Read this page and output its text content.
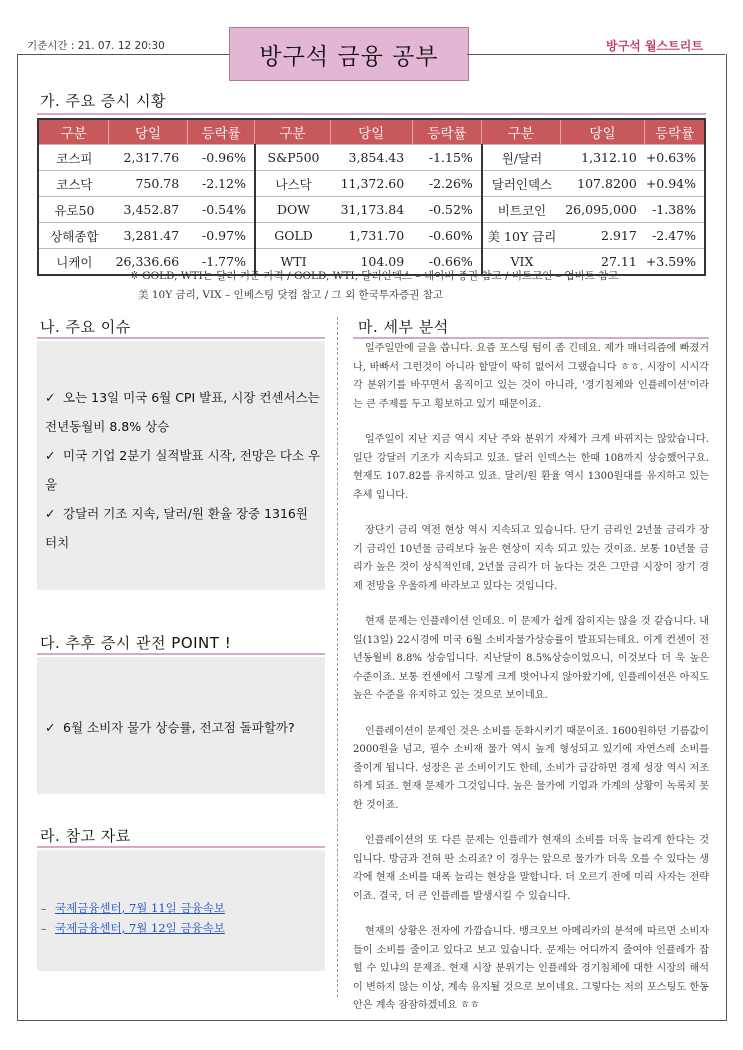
기준시간 : 21. 07. 12 20:30	방구석 금융 공부	방구석 월스트리트
가. 주요 증시 시황
구분	당일	등락률	구분	당일	등락률	구분	당일	등락률
코스피	2,317.76	-0.96%	S&P500	3,854.43	-1.15%	원/달러	1,312.10	+0.63%
코스닥	750.78	-2.12%	나스닥	11,372.60	-2.26%	달러인덱스	107.8200	+0.94%
유로50	3,452.87	-0.54%	DOW	31,173.84	-0.52%	비트코인	26,095,000	-1.38%
상해종합	3,281.47	-0.97%	GOLD	1,731.70	-0.60%	美 10Y 금리	2.917	-2.47%
니케이	26,336.66	-1.77%	WTI	104.09	-0.66%	VIX	27.11	+3.59%
※ GOLD, WTI는 달러 기준 가격 / GOLD, WTI, 달러인덱스 – 네이버 증권 참고 / 비트코인 – 업비트 참고
美 10Y 금리, VIX – 인베스팅 닷컴 참고 / 그 외 한국투자증권 참고
나. 주요 이슈
✓ 오는 13일 미국 6월 CPI 발표, 시장 컨센서스는 전년동월비 8.8% 상승
✓ 미국 기업 2분기 실적발표 시작, 전망은 다소 우울
✓ 강달러 기조 지속, 달러/원 환율 장중 1316원 터치
다. 추후 증시 관전 POINT !
✓ 6월 소비자 물가 상승률, 전고점 돌파할까?
라. 참고 자료
– 국제금융센터, 7월 11일 금융속보
– 국제금융센터, 7월 12일 금융속보
마. 세부 분석

일주일만에 글을 씁니다. 요즘 포스팅 텀이 좀 긴데요. 제가 매너리즘에 빠졌거나, 바빠서 그런것이 아니라 할말이 딱히 없어서 그랬습니다 ㅎㅎ. 시장이 시시각각 분위기를 바꾸면서 움직이고 있는 것이 아니라, '경기침체와 인플레이션'이라는 큰 주제를 두고 횡보하고 있기 때문이죠.

일주일이 지난 지금 역시 지난 주와 분위기 자체가 크게 바뀌지는 않았습니다. 일단 강달러 기조가 지속되고 있죠. 달러 인덱스는 한때 108까지 상승했어구요. 현재도 107.82를 유지하고 있죠. 달러/원 환율 역시 1300원대를 유지하고 있는 추세 입니다.

장단기 금리 역전 현상 역시 지속되고 있습니다. 단기 금리인 2년물 금리가 장기 금리인 10년물 금리보다 높은 현상이 지속 되고 있는 것이죠. 보통 10년물 금리가 높은 것이 상식적인데, 2년물 금리가 더 높다는 것은 그만큼 시장이 장기 경제 전망을 우울하게 바라보고 있다는 것입니다.

현재 문제는 인플레이션 인데요. 이 문제가 쉽게 잡히지는 않을 것 같습니다. 내일(13일) 22시경에 미국 6월 소비자물가상승률이 발표되는데요. 이게 컨센이 전년동월비 8.8% 상승입니다. 지난달이 8.5%상승이었으니, 이것보다 더 욱 높은 수준이죠. 보통 컨센에서 그렇게 크게 벗어나지 않아왔기에, 인플레이션은 아직도 높은 수준을 유지하고 있는 것으로 보이네요.

인플레이션이 문제인 것은 소비를 둔화시키기 때문이죠. 1600원하던 기름값이 2000원을 넘고, 필수 소비재 물가 역시 높게 형성되고 있기에 자연스레 소비를 줄이게 됩니다. 성장은 곧 소비이기도 한데, 소비가 급감하면 경제 성장 역시 저조하게 되죠. 현재 문제가 그것입니다. 높은 물가에 기업과 가계의 상황이 녹록치 못한 것이죠.

인플레이션의 또 다른 문제는 인플레가 현재의 소비를 더욱 늘리게 한다는 것입니다. 방금과 전혀 딴 소리죠? 이 경우는 앞으로 물가가 더욱 오를 수 있다는 생각에 현재 소비를 대폭 늘리는 현상을 말합니다. 더 오르기 전에 미리 사자는 전략이죠. 결국, 더 큰 인플레를 발생시킬 수 있습니다.

현재의 상황은 전자에 가깝습니다. 뱅크오브 아메리카의 분석에 따르면 소비자들이 소비를 줄이고 있다고 보고 있습니다. 문제는 어디까지 줄여야 인플레가 잡힐 수 있냐의 문제죠. 현재 시장 분위기는 인플레와 경기침체에 대한 시장의 해석이 변하지 않는 이상, 계속 유지될 것으로 보이네요. 그렇다는 저의 포스팅도 한동안은 계속 잠잠하겠네요 ㅎㅎ
